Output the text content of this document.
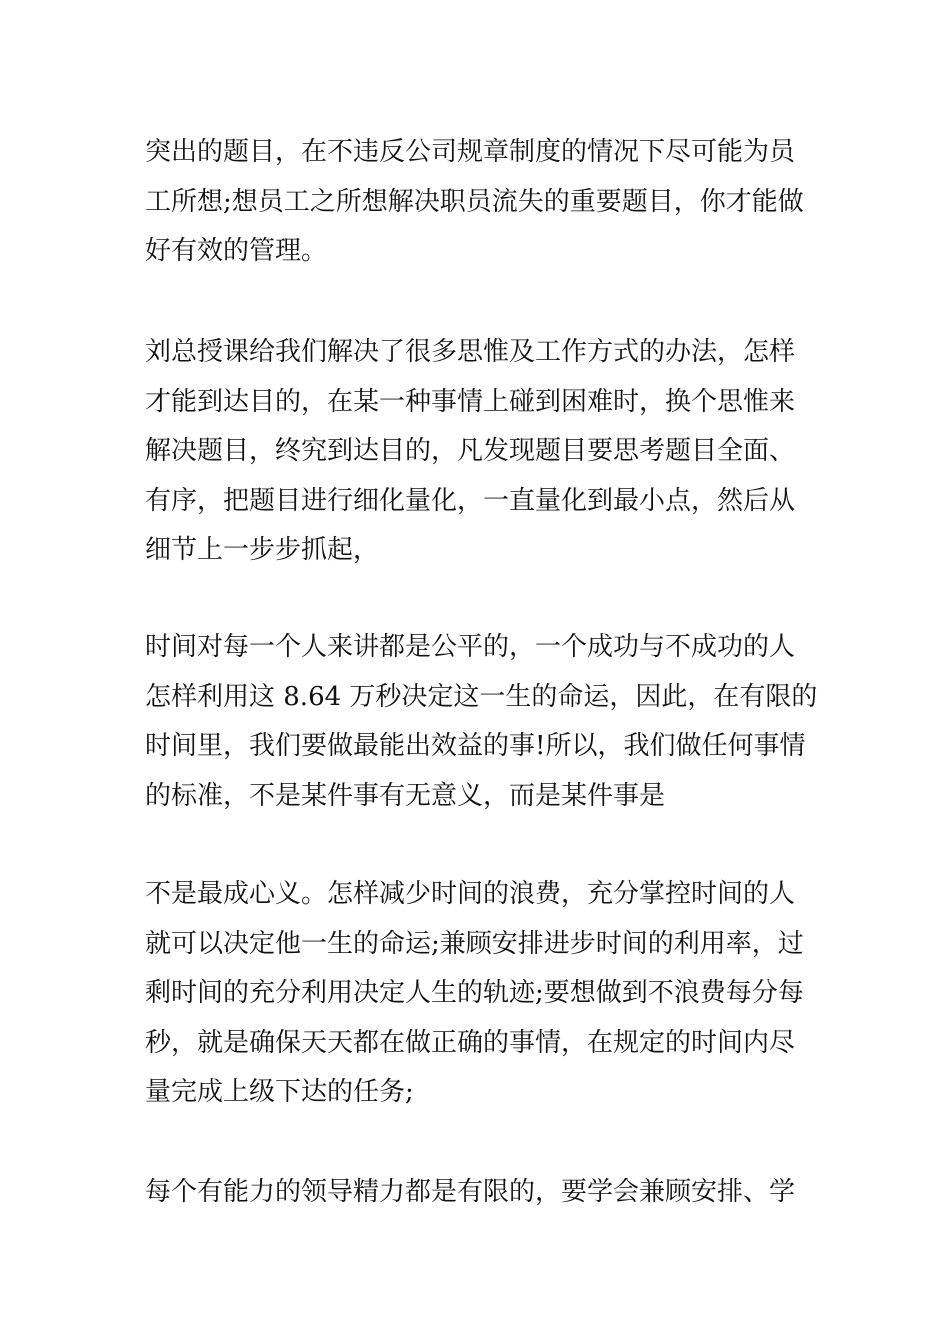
突出的题目，在不违反公司规章制度的情况下尽可能为员
工所想;想员工之所想解决职员流失的重要题目，你才能做
好有效的管理。

刘总授课给我们解决了很多思惟及工作方式的办法，怎样
才能到达目的，在某一种事情上碰到困难时，换个思惟来
解决题目，终究到达目的，凡发现题目要思考题目全面、
有序，把题目进行细化量化，一直量化到最小点，然后从
细节上一步步抓起，

时间对每一个人来讲都是公平的，一个成功与不成功的人
怎样利用这 8.64 万秒决定这一生的命运，因此，在有限的
时间里，我们要做最能出效益的事!所以，我们做任何事情
的标准，不是某件事有无意义，而是某件事是

不是最成心义。怎样减少时间的浪费，充分掌控时间的人
就可以决定他一生的命运;兼顾安排进步时间的利用率，过
剩时间的充分利用决定人生的轨迹;要想做到不浪费每分每
秒，就是确保天天都在做正确的事情，在规定的时间内尽
量完成上级下达的任务;

每个有能力的领导精力都是有限的，要学会兼顾安排、学
